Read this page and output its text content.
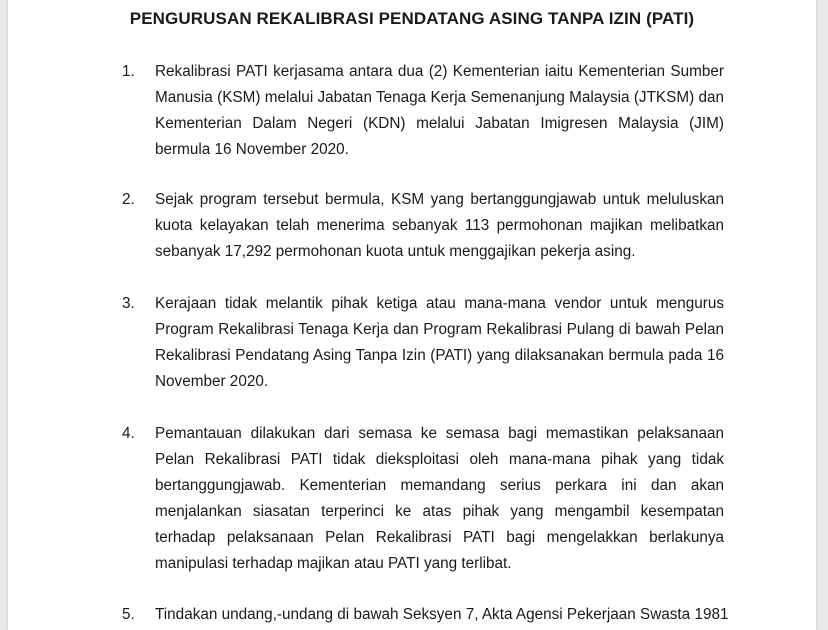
PENGURUSAN REKALIBRASI PENDATANG ASING TANPA IZIN (PATI)
1.	Rekalibrasi PATI kerjasama antara dua (2) Kementerian iaitu Kementerian Sumber Manusia (KSM) melalui Jabatan Tenaga Kerja Semenanjung Malaysia (JTKSM) dan Kementerian Dalam Negeri (KDN) melalui Jabatan Imigresen Malaysia (JIM) bermula 16 November 2020.
2.	Sejak program tersebut bermula, KSM yang bertanggungjawab untuk meluluskan kuota kelayakan telah menerima sebanyak 113 permohonan majikan melibatkan sebanyak 17,292 permohonan kuota untuk menggajikan pekerja asing.
3.	Kerajaan tidak melantik pihak ketiga atau mana-mana vendor untuk mengurus Program Rekalibrasi Tenaga Kerja dan Program Rekalibrasi Pulang di bawah Pelan Rekalibrasi Pendatang Asing Tanpa Izin (PATI) yang dilaksanakan bermula pada 16 November 2020.
4.	Pemantauan dilakukan dari semasa ke semasa bagi memastikan pelaksanaan Pelan Rekalibrasi PATI tidak dieksploitasi oleh mana-mana pihak yang tidak bertanggungjawab. Kementerian memandang serius perkara ini dan akan menjalankan siasatan terperinci ke atas pihak yang mengambil kesempatan terhadap pelaksanaan Pelan Rekalibrasi PATI bagi mengelakkan berlakunya manipulasi terhadap majikan atau PATI yang terlibat.
5.	Tindakan undang,-undang di bawah Seksyen 7, Akta Agensi Pekerjaan Swasta 1981
